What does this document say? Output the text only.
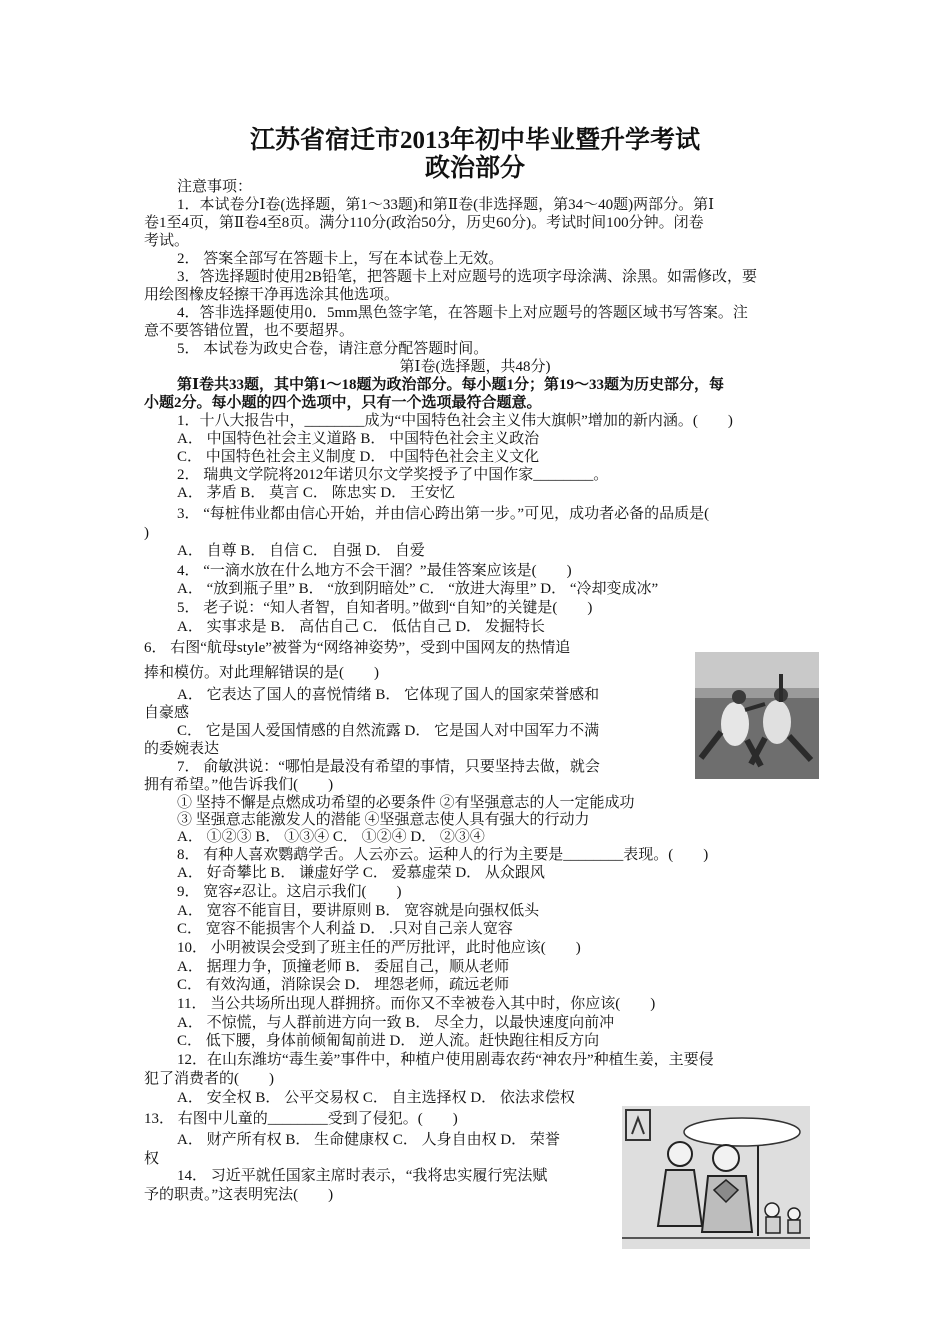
江苏省宿迁市2013年初中毕业暨升学考试
政治部分
注意事项：
1．本试卷分Ⅰ卷(选择题，第1～33题)和第Ⅱ卷(非选择题，第34～40题)两部分。第Ⅰ
卷1至4页，第Ⅱ卷4至8页。满分110分(政治50分，历史60分)。考试时间100分钟。闭卷
考试。
2． 答案全部写在答题卡上，写在本试卷上无效。
3．答选择题时使用2B铅笔，把答题卡上对应题号的选项字母涂满、涂黑。如需修改，要
用绘图橡皮轻擦干净再选涂其他选项。
4．答非选择题使用0．5mm黑色签字笔，在答题卡上对应题号的答题区域书写答案。注
意不要答错位置，也不要超界。
5． 本试卷为政史合卷，请注意分配答题时间。
第Ⅰ卷(选择题，共48分)
第Ⅰ卷共33题，其中第1～18题为政治部分。每小题1分；第19～33题为历史部分，每
小题2分。每小题的四个选项中，只有一个选项最符合题意。
1．十八大报告中，________成为“中国特色社会主义伟大旗帜”增加的新内涵。(　　)
A． 中国特色社会主义道路 B． 中国特色社会主义政治
C． 中国特色社会主义制度 D． 中国特色社会主义文化
2． 瑞典文学院将2012年诺贝尔文学奖授予了中国作家________。
A． 茅盾 B． 莫言 C． 陈忠实 D． 王安忆
3． “每桩伟业都由信心开始，并由信心跨出第一步。”可见，成功者必备的品质是(
)
A． 自尊 B． 自信 C． 自强 D． 自爱
4． “一滴水放在什么地方不会干涸？”最佳答案应该是(　　)
A． “放到瓶子里” B． “放到阴暗处” C． “放进大海里” D． “冷却变成冰”
5． 老子说：“知人者智，自知者明。”做到“自知”的关键是(　　)
A． 实事求是 B． 高估自己 C． 低估自己 D． 发掘特长
6． 右图“航母style”被誉为“网络神姿势”，受到中国网友的热情追
捧和模仿。对此理解错误的是(　　)
A． 它表达了国人的喜悦情绪 B． 它体现了国人的国家荣誉感和
自豪感
C． 它是国人爱国情感的自然流露 D． 它是国人对中国军力不满
的委婉表达
7． 俞敏洪说：“哪怕是最没有希望的事情，只要坚持去做，就会
拥有希望。”他告诉我们(　　)
① 坚持不懈是点燃成功希望的必要条件 ②有坚强意志的人一定能成功
③ 坚强意志能激发人的潜能 ④坚强意志使人具有强大的行动力
A． ①②③ B． ①③④ C． ①②④ D． ②③④
8． 有种人喜欢鹦鹉学舌。人云亦云。运种人的行为主要是________表现。(　　)
A． 好奇攀比 B． 谦虚好学 C． 爱慕虚荣 D． 从众跟风
9． 宽容≠忍让。这启示我们(　　)
A． 宽容不能盲目，要讲原则 B． 宽容就是向强权低头
C． 宽容不能损害个人利益 D． .只对自己亲人宽容
10． 小明被误会受到了班主任的严厉批评，此时他应该(　　)
A． 据理力争，顶撞老师 B． 委屈自己，顺从老师
C． 有效沟通，消除误会 D． 埋怨老师，疏远老师
11． 当公共场所出现人群拥挤。而你又不幸被卷入其中时，你应该(　　)
A． 不惊慌，与人群前进方向一致 B． 尽全力，以最快速度向前冲
C． 低下腰，身体前倾匍匐前进 D． 逆人流。赶快跑往相反方向
12．在山东潍坊“毒生姜”事件中，种植户使用剧毒农药“神农丹”种植生姜，主要侵
犯了消费者的(　　)
A． 安全权 B． 公平交易权 C． 自主选择权 D． 依法求偿权
13． 右图中儿童的________受到了侵犯。(　　)
A． 财产所有权 B． 生命健康权 C． 人身自由权 D． 荣誉
权
14． 习近平就任国家主席时表示，“我将忠实履行宪法赋
予的职责。”这表明宪法(　　)
